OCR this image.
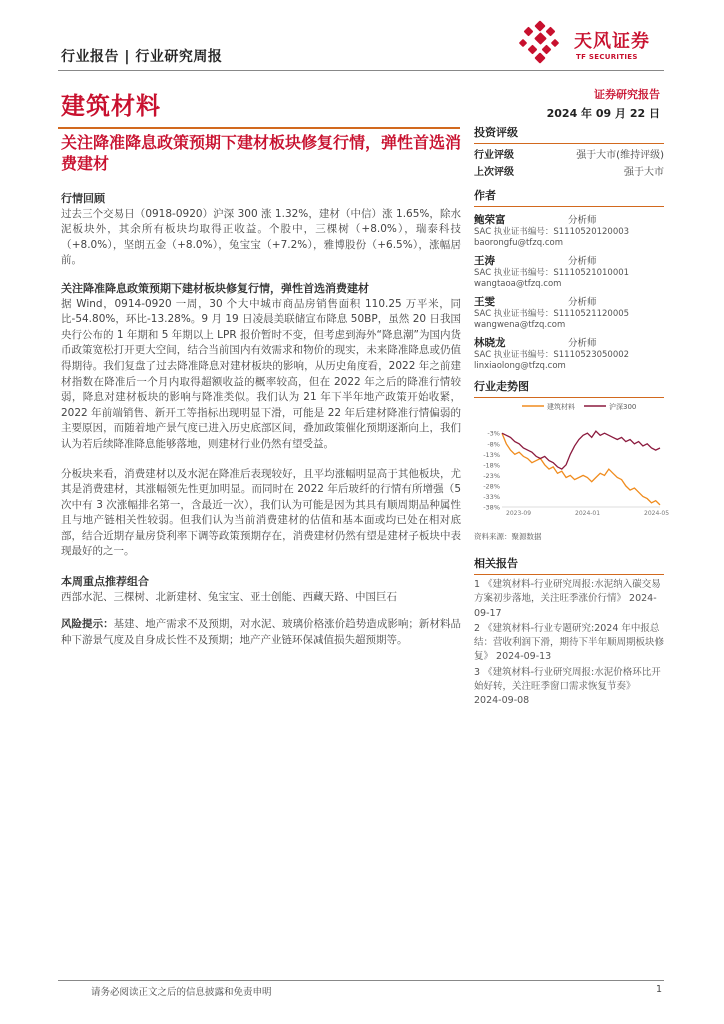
行业报告 | 行业研究周报
天风证券
TF SECURITIES
建筑材料	证券研究报告
2024 年 09 月 22 日
关注降准降息政策预期下建材板块修复行情，弹性首选消费建材
行情回顾
过去三个交易日（0918-0920）沪深 300 涨 1.32%，建材（中信）涨 1.65%，除水泥板块外，其余所有板块均取得正收益。个股中，三棵树（+8.0%），瑞泰科技（+8.0%），坚朗五金（+8.0%），兔宝宝（+7.2%），雅博股份（+6.5%），涨幅居前。
关注降准降息政策预期下建材板块修复行情，弹性首选消费建材
据 Wind，0914-0920 一周，30 个大中城市商品房销售面积 110.25 万平米，同比-54.80%，环比-13.28%。9 月 19 日凌晨美联储宣布降息 50BP，虽然 20 日我国央行公布的 1 年期和 5 年期以上 LPR 报价暂时不变，但考虑到海外“降息潮”为国内货币政策宽松打开更大空间，结合当前国内有效需求和物价的现实，未来降准降息或仍值得期待。我们复盘了过去降准降息对建材板块的影响，从历史角度看，2022 年之前建材指数在降准后一个月内取得超额收益的概率较高，但在 2022 年之后的降准行情较弱，降息对建材板块的影响与降准类似。我们认为 21 年下半年地产政策开始收紧，2022 年前端销售、新开工等指标出现明显下滑，可能是 22 年后建材降准行情偏弱的主要原因，而随着地产景气度已进入历史底部区间，叠加政策催化预期逐渐向上，我们认为若后续降准降息能够落地，则建材行业仍然有望受益。
分板块来看，消费建材以及水泥在降准后表现较好，且平均涨幅明显高于其他板块，尤其是消费建材，其涨幅领先性更加明显。而同时在 2022 年后玻纤的行情有所增强（5 次中有 3 次涨幅排名第一，含最近一次），我们认为可能是因为其具有顺周期品种属性且与地产链相关性较弱。但我们认为当前消费建材的估值和基本面或均已处在相对底部，结合近期存量房贷利率下调等政策预期存在，消费建材仍然有望是建材子板块中表现最好的之一。
本周重点推荐组合
西部水泥、三棵树、北新建材、兔宝宝、亚士创能、西藏天路、中国巨石
风险提示：基建、地产需求不及预期，对水泥、玻璃价格涨价趋势造成影响；新材料品种下游景气度及自身成长性不及预期；地产产业链环保减值损失超预期等。
投资评级
行业评级	强于大市(维持评级)
上次评级	强于大市
作者
鲍荣富	分析师
SAC 执业证书编号：S1110520120003
baorongfu@tfzq.com
王涛	分析师
SAC 执业证书编号：S1110521010001
wangtaoa@tfzq.com
王雯	分析师
SAC 执业证书编号：S1110521120005
wangwena@tfzq.com
林晓龙	分析师
SAC 执业证书编号：S1110523050002
linxiaolong@tfzq.com
行业走势图
建筑材料	沪深300
-3%
-8%
-13%
-18%
-23%
-28%
-33%
-38%
2023-09	2024-01	2024-05
资料来源：聚源数据
相关报告
1 《建筑材料-行业研究周报:水泥纳入碳交易方案初步落地，关注旺季涨价行情》 2024-09-17
2 《建筑材料-行业专题研究:2024 年中报总结：营收利润下滑，期待下半年顺周期板块修复》 2024-09-13
3 《建筑材料-行业研究周报:水泥价格环比开始好转，关注旺季窗口需求恢复节奏》 2024-09-08
请务必阅读正文之后的信息披露和免责申明	1
